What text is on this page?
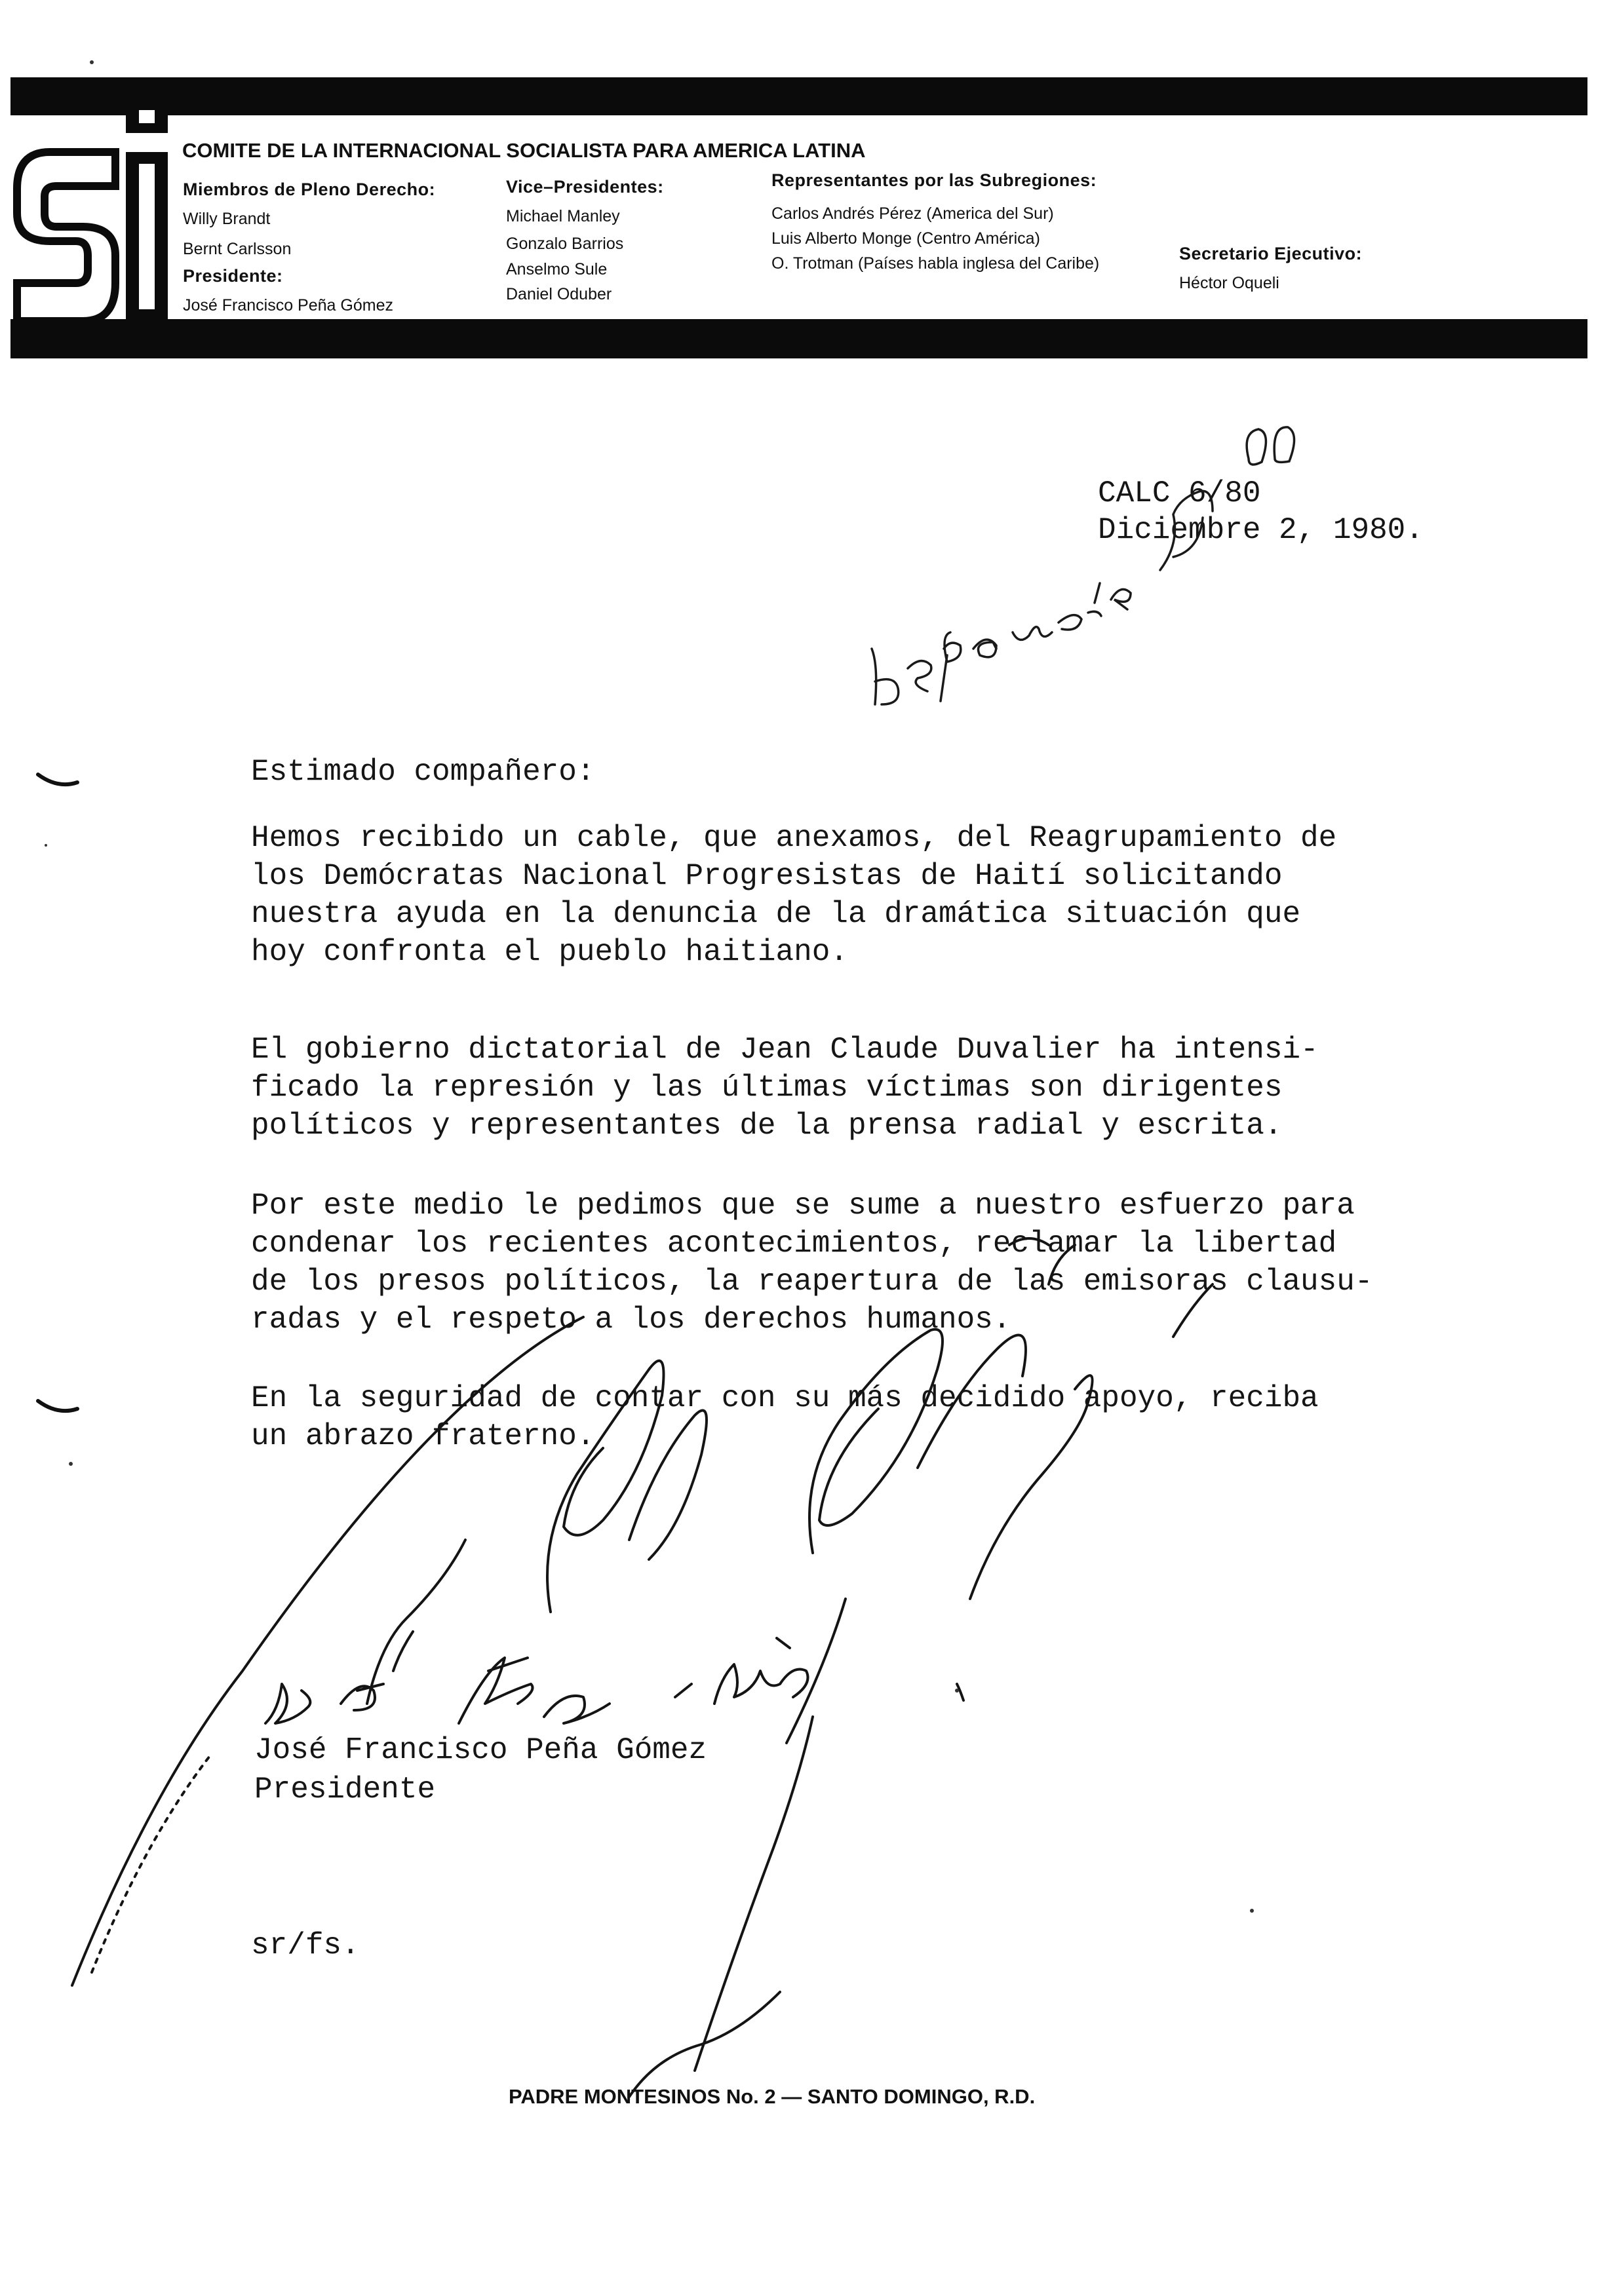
COMITE DE LA INTERNACIONAL SOCIALISTA PARA AMERICA LATINA
Miembros de Pleno Derecho:
Willy Brandt
Bernt Carlsson
Presidente:
José Francisco Peña Gómez
Vice–Presidentes:
Michael Manley
Gonzalo Barrios
Anselmo Sule
Daniel Oduber
Representantes por las Subregiones:
Carlos Andrés Pérez (America del Sur)
Luis Alberto Monge (Centro América)
O. Trotman (Países habla inglesa del Caribe)	Secretario Ejecutivo:
Héctor Oqueli
CALC 6/80
Diciembre 2, 1980.
Estimado compañero:
Hemos recibido un cable, que anexamos, del Reagrupamiento de
los Demócratas Nacional Progresistas de Haití solicitando
nuestra ayuda en la denuncia de la dramática situación que
hoy confronta el pueblo haitiano.
El gobierno dictatorial de Jean Claude Duvalier ha intensi-
ficado la represión y las últimas víctimas son dirigentes
políticos y representantes de la prensa radial y escrita.
Por este medio le pedimos que se sume a nuestro esfuerzo para
condenar los recientes acontecimientos, reclamar la libertad
de los presos políticos, la reapertura de las emisoras clausu-
radas y el respeto a los derechos humanos.
En la seguridad de contar con su más decidido apoyo, reciba
un abrazo fraterno.
José Francisco Peña Gómez
Presidente
sr/fs.
PADRE MONTESINOS No. 2 — SANTO DOMINGO, R.D.
